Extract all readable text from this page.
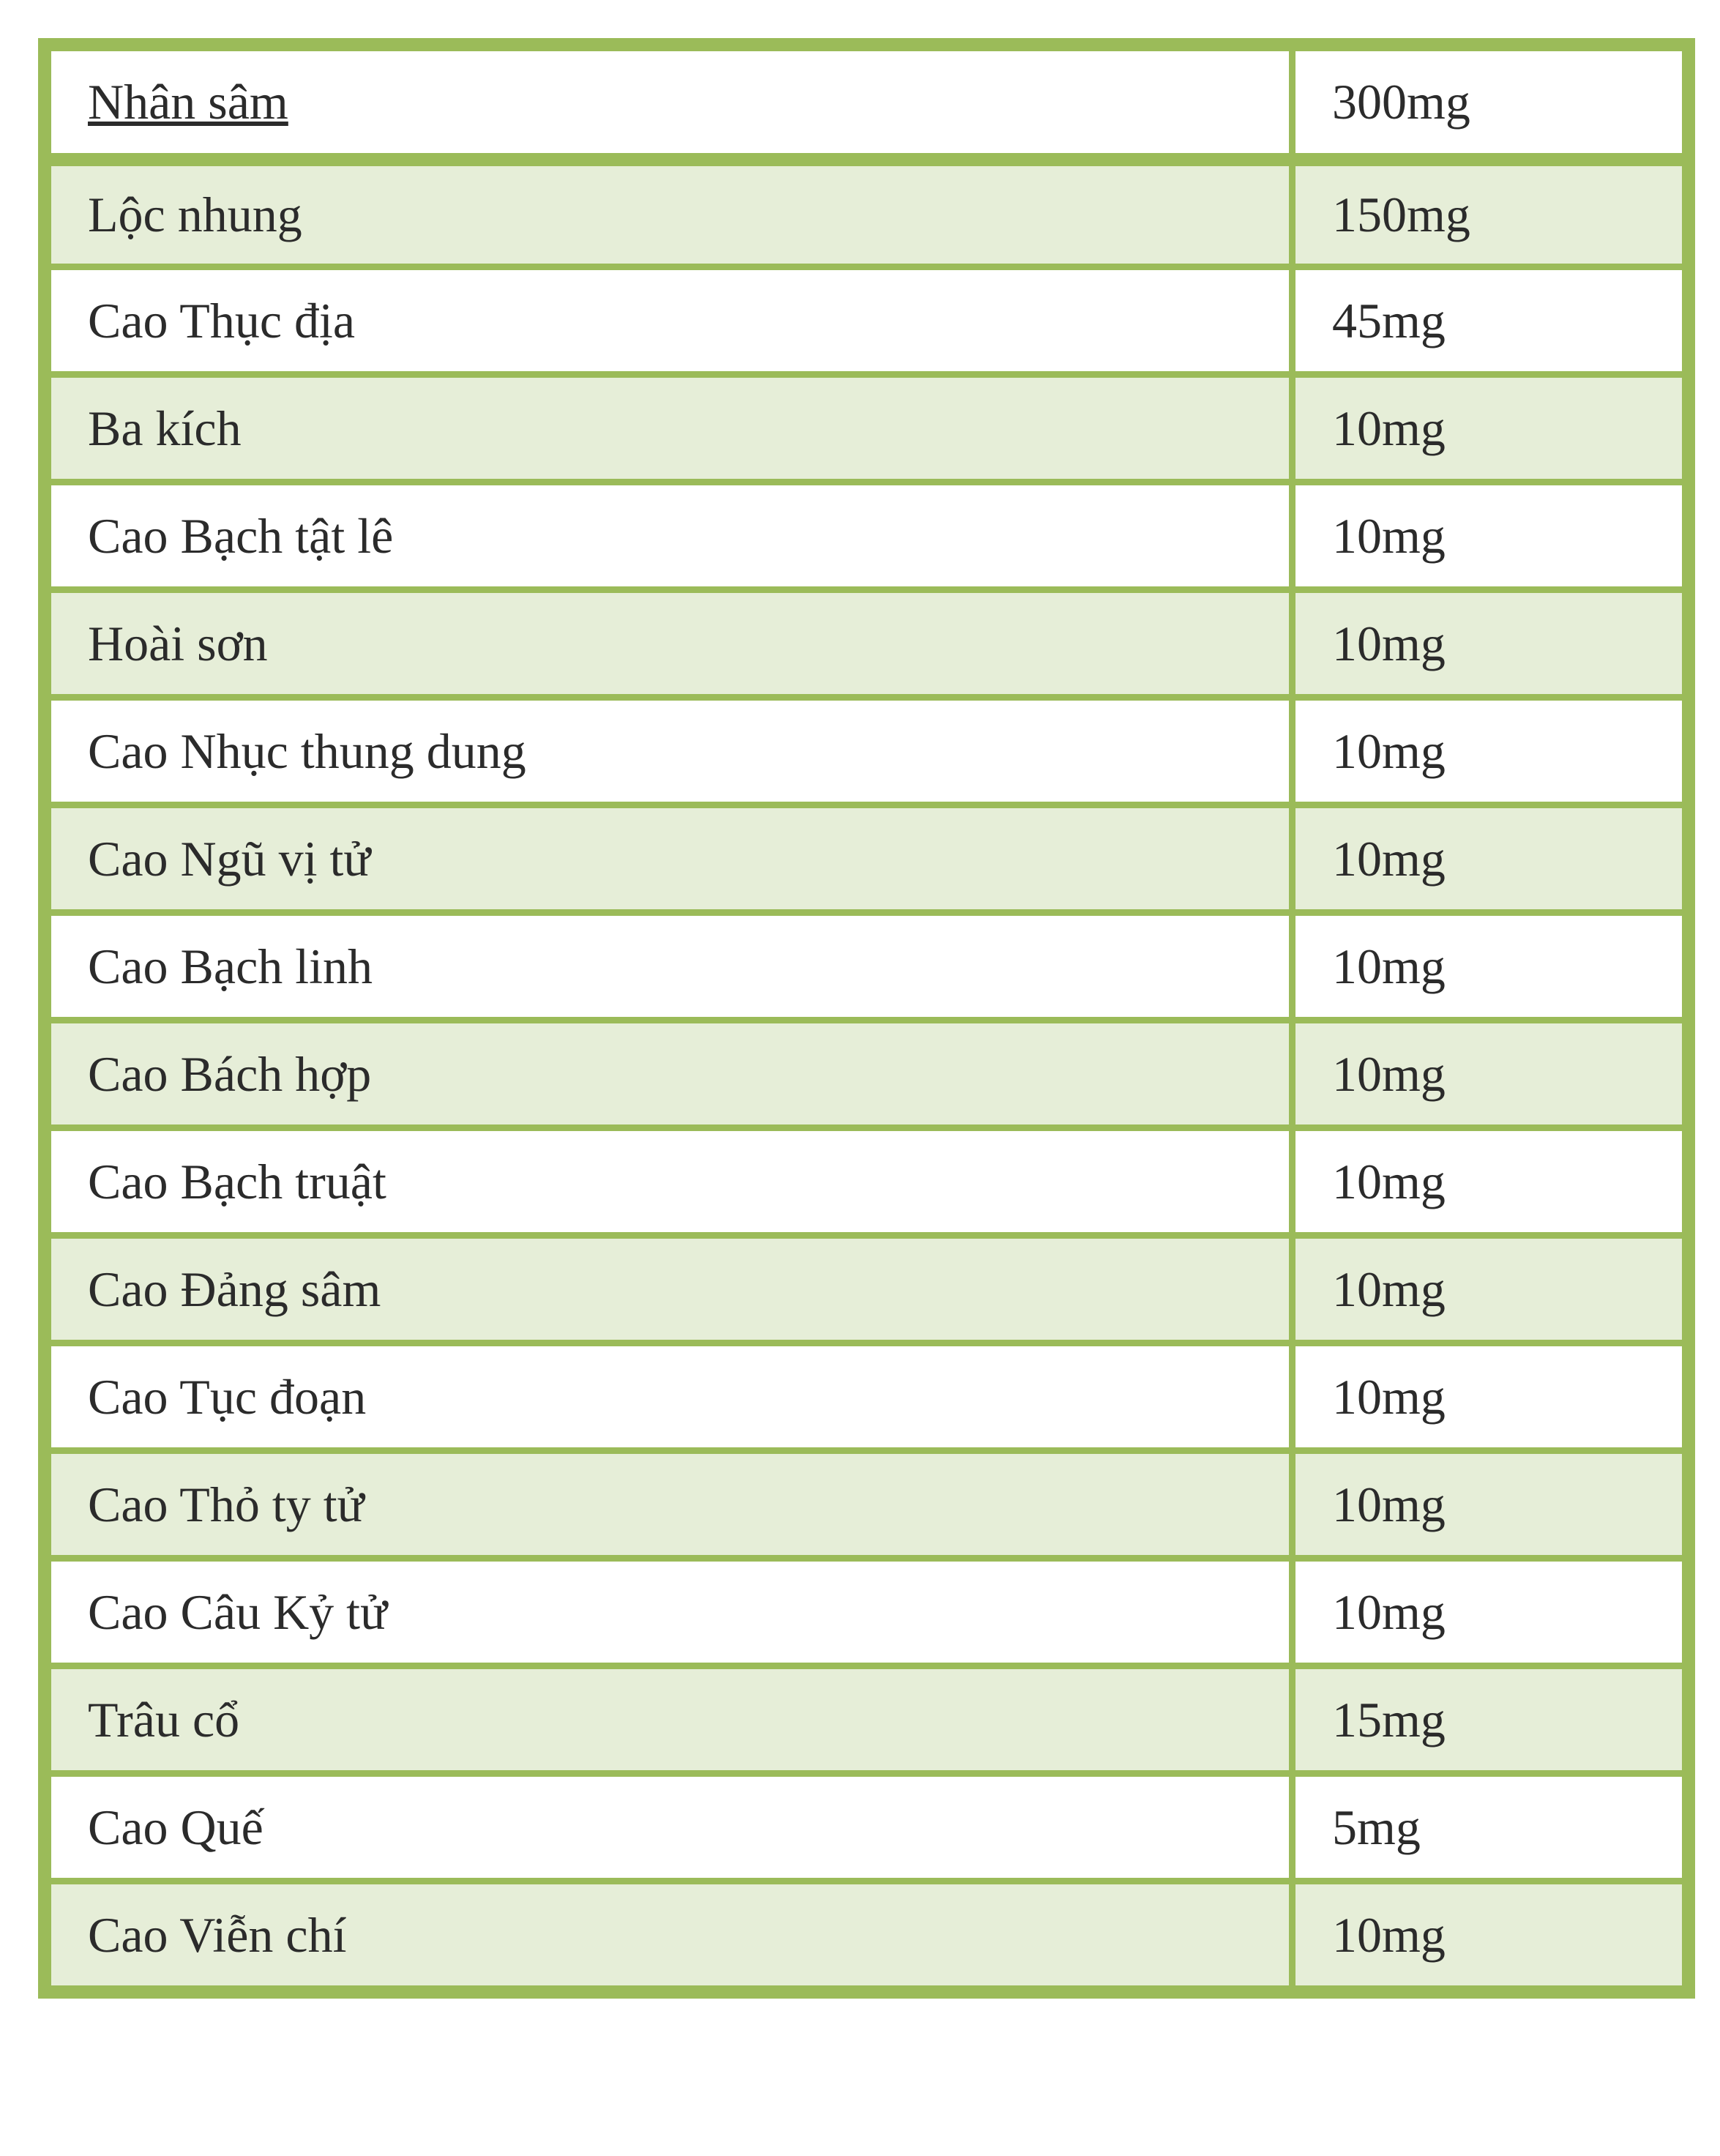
Nhân sâm	300mg
Lộc nhung	150mg
Cao Thục địa	45mg
Ba kích	10mg
Cao Bạch tật lê	10mg
Hoài sơn	10mg
Cao Nhục thung dung	10mg
Cao Ngũ vị tử	10mg
Cao Bạch linh	10mg
Cao Bách hợp	10mg
Cao Bạch truật	10mg
Cao Đảng sâm	10mg
Cao Tục đoạn	10mg
Cao Thỏ ty tử	10mg
Cao Câu Kỷ tử	10mg
Trâu cổ	15mg
Cao Quế	5mg
Cao Viễn chí	10mg
